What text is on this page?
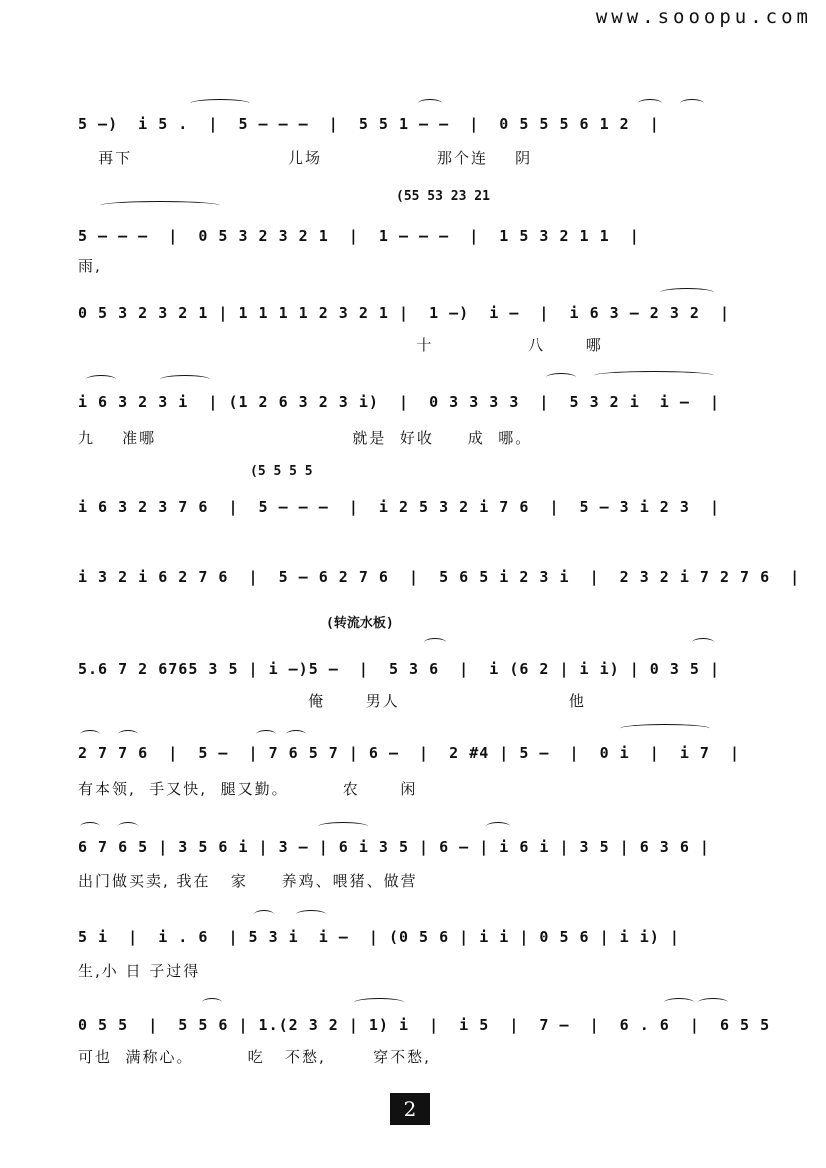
www.sooopu.com
5 —)  i 5 .  |  5 — — —  |  5 5 1 — —  |  0 5 5 5 6 1 2  |
再下                       儿场                 那个连    阴
(55 53 23 21
5 — — —  |  0 5 3 2 3 2 1  |  1 — — —  |  1 5 3 2 1 1  |
雨,
0 5 3 2 3 2 1 | 1 1 1 1 2 3 2 1 |  1 —)  i —  |  i 6 3 — 2 3 2  |
十              八      哪
i 6 3 2 3 i  | (1 2 6 3 2 3 i)  |  0 3 3 3 3  |  5 3 2 i  i —  |
九    准哪                             就是  好收     成  哪。
(5 5 5 5
i 6 3 2 3 7 6  |  5 — — —  |  i 2 5 3 2 i 7 6  |  5 — 3 i 2 3  |
i 3 2 i 6 2 7 6  |  5 — 6 2 7 6  |  5 6 5 i 2 3 i  |  2 3 2 i 7 2 7 6  |
(转流水板)
5.6 7 2 6765 3 5 | i —)5 —  |  5 3 6  |  i (6 2 | i i) | 0 3 5 |
俺      男人                         他
2 7 7 6  |  5 —  | 7 6 5 7 | 6 —  |  2 #4 | 5 —  |  0 i  |  i 7  |
有本领,  手又快,  腿又勤。        农      闲
6 7 6 5 | 3 5 6 i | 3 — | 6 i 3 5 | 6 — | i 6 i | 3 5 | 6 3 6 |
出门做买卖, 我在   家     养鸡、喂猪、做营
5 i  |  i . 6  | 5 3 i  i —  | (0 5 6 | i i | 0 5 6 | i i) |
生,小 日 子过得
0 5 5  |  5 5 6 | 1.(2 3 2 | 1) i  |  i 5  |  7 —  |  6 . 6  |  6 5 5
可也  满称心。        吃   不愁,       穿不愁,
2
